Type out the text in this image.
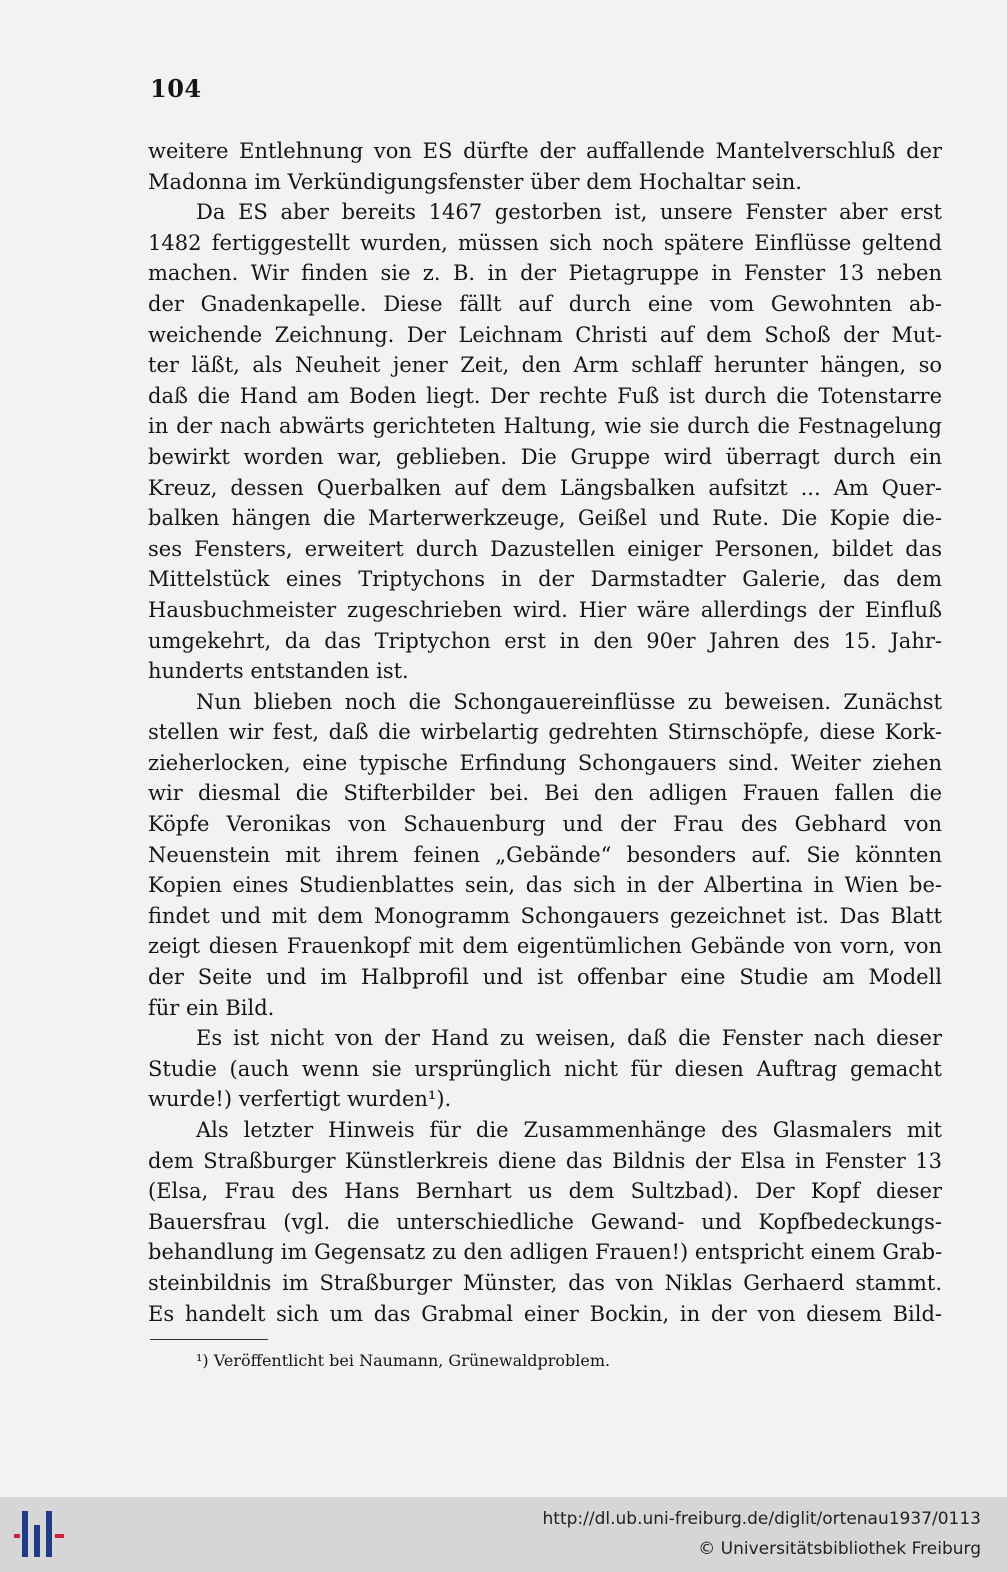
104
weitere Entlehnung von ES dürfte der auffallende Mantelverschluß der
Madonna im Verkündigungsfenster über dem Hochaltar sein.
Da ES aber bereits 1467 gestorben ist, unsere Fenster aber erst
1482 fertiggestellt wurden, müssen sich noch spätere Einflüsse geltend
machen. Wir finden sie z. B. in der Pietagruppe in Fenster 13 neben
der Gnadenkapelle. Diese fällt auf durch eine vom Gewohnten ab-
weichende Zeichnung. Der Leichnam Christi auf dem Schoß der Mut-
ter läßt, als Neuheit jener Zeit, den Arm schlaff herunter hängen, so
daß die Hand am Boden liegt. Der rechte Fuß ist durch die Totenstarre
in der nach abwärts gerichteten Haltung, wie sie durch die Festnagelung
bewirkt worden war, geblieben. Die Gruppe wird überragt durch ein
Kreuz, dessen Querbalken auf dem Längsbalken aufsitzt ... Am Quer-
balken hängen die Marterwerkzeuge, Geißel und Rute. Die Kopie die-
ses Fensters, erweitert durch Dazustellen einiger Personen, bildet das
Mittelstück eines Triptychons in der Darmstadter Galerie, das dem
Hausbuchmeister zugeschrieben wird. Hier wäre allerdings der Einfluß
umgekehrt, da das Triptychon erst in den 90er Jahren des 15. Jahr-
hunderts entstanden ist.
Nun blieben noch die Schongauereinflüsse zu beweisen. Zunächst
stellen wir fest, daß die wirbelartig gedrehten Stirnschöpfe, diese Kork-
zieherlocken, eine typische Erfindung Schongauers sind. Weiter ziehen
wir diesmal die Stifterbilder bei. Bei den adligen Frauen fallen die
Köpfe Veronikas von Schauenburg und der Frau des Gebhard von
Neuenstein mit ihrem feinen „Gebände“ besonders auf. Sie könnten
Kopien eines Studienblattes sein, das sich in der Albertina in Wien be-
findet und mit dem Monogramm Schongauers gezeichnet ist. Das Blatt
zeigt diesen Frauenkopf mit dem eigentümlichen Gebände von vorn, von
der Seite und im Halbprofil und ist offenbar eine Studie am Modell
für ein Bild.
Es ist nicht von der Hand zu weisen, daß die Fenster nach dieser
Studie (auch wenn sie ursprünglich nicht für diesen Auftrag gemacht
wurde!) verfertigt wurden¹).
Als letzter Hinweis für die Zusammenhänge des Glasmalers mit
dem Straßburger Künstlerkreis diene das Bildnis der Elsa in Fenster 13
(Elsa, Frau des Hans Bernhart us dem Sultzbad). Der Kopf dieser
Bauersfrau (vgl. die unterschiedliche Gewand- und Kopfbedeckungs-
behandlung im Gegensatz zu den adligen Frauen!) entspricht einem Grab-
steinbildnis im Straßburger Münster, das von Niklas Gerhaerd stammt.
Es handelt sich um das Grabmal einer Bockin, in der von diesem Bild-
¹) Veröffentlicht bei Naumann, Grünewaldproblem.
http://dl.ub.uni-freiburg.de/diglit/ortenau1937/0113
© Universitätsbibliothek Freiburg
